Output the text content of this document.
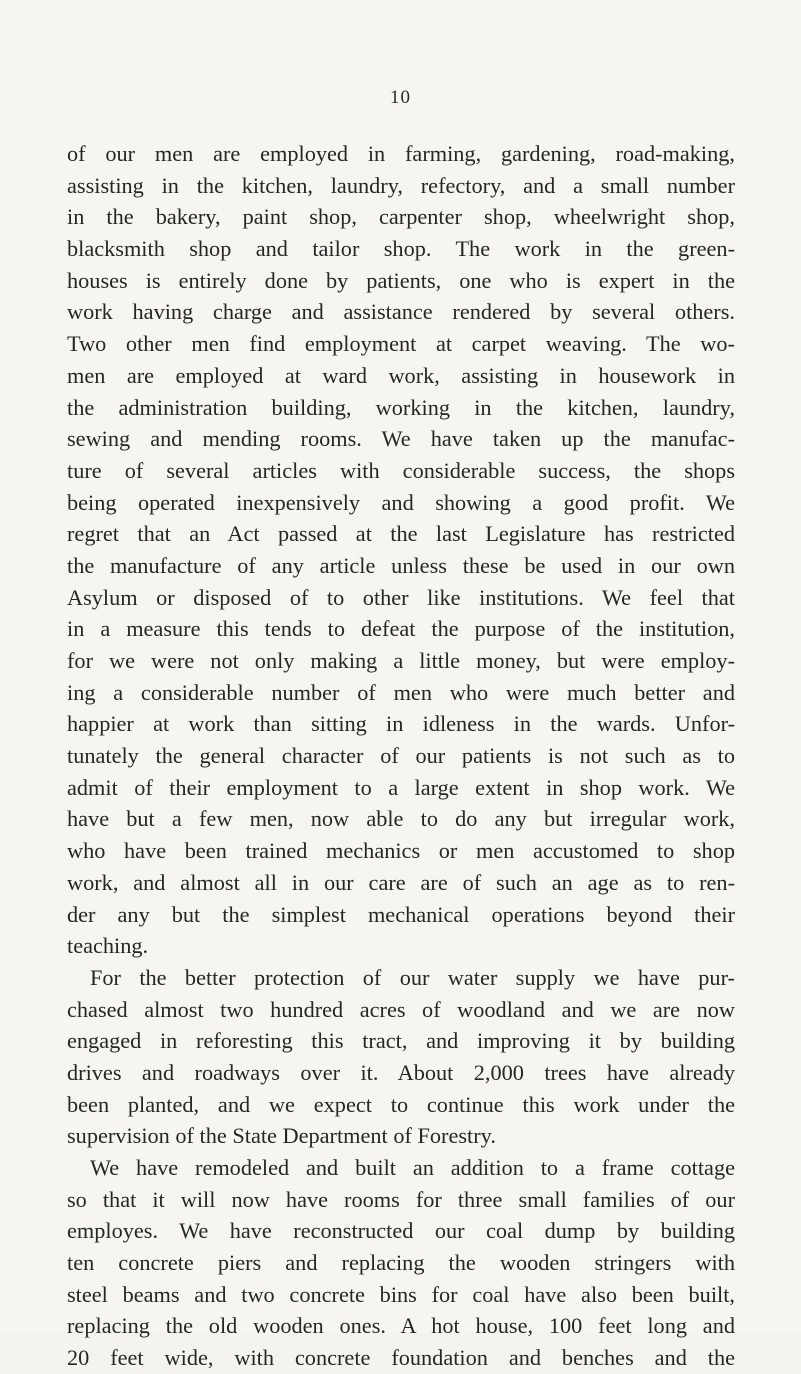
10
of our men are employed in farming, gardening, road-making,
assisting in the kitchen, laundry, refectory, and a small number
in the bakery, paint shop, carpenter shop, wheelwright shop,
blacksmith shop and tailor shop. The work in the green-
houses is entirely done by patients, one who is expert in the
work having charge and assistance rendered by several others.
Two other men find employment at carpet weaving. The wo-
men are employed at ward work, assisting in housework in
the administration building, working in the kitchen, laundry,
sewing and mending rooms. We have taken up the manufac-
ture of several articles with considerable success, the shops
being operated inexpensively and showing a good profit. We
regret that an Act passed at the last Legislature has restricted
the manufacture of any article unless these be used in our own
Asylum or disposed of to other like institutions. We feel that
in a measure this tends to defeat the purpose of the institution,
for we were not only making a little money, but were employ-
ing a considerable number of men who were much better and
happier at work than sitting in idleness in the wards. Unfor-
tunately the general character of our patients is not such as to
admit of their employment to a large extent in shop work. We
have but a few men, now able to do any but irregular work,
who have been trained mechanics or men accustomed to shop
work, and almost all in our care are of such an age as to ren-
der any but the simplest mechanical operations beyond their
teaching.
For the better protection of our water supply we have pur-
chased almost two hundred acres of woodland and we are now
engaged in reforesting this tract, and improving it by building
drives and roadways over it. About 2,000 trees have already
been planted, and we expect to continue this work under the
supervision of the State Department of Forestry.
We have remodeled and built an addition to a frame cottage
so that it will now have rooms for three small families of our
employes. We have reconstructed our coal dump by building
ten concrete piers and replacing the wooden stringers with
steel beams and two concrete bins for coal have also been built,
replacing the old wooden ones. A hot house, 100 feet long and
20 feet wide, with concrete foundation and benches and the
